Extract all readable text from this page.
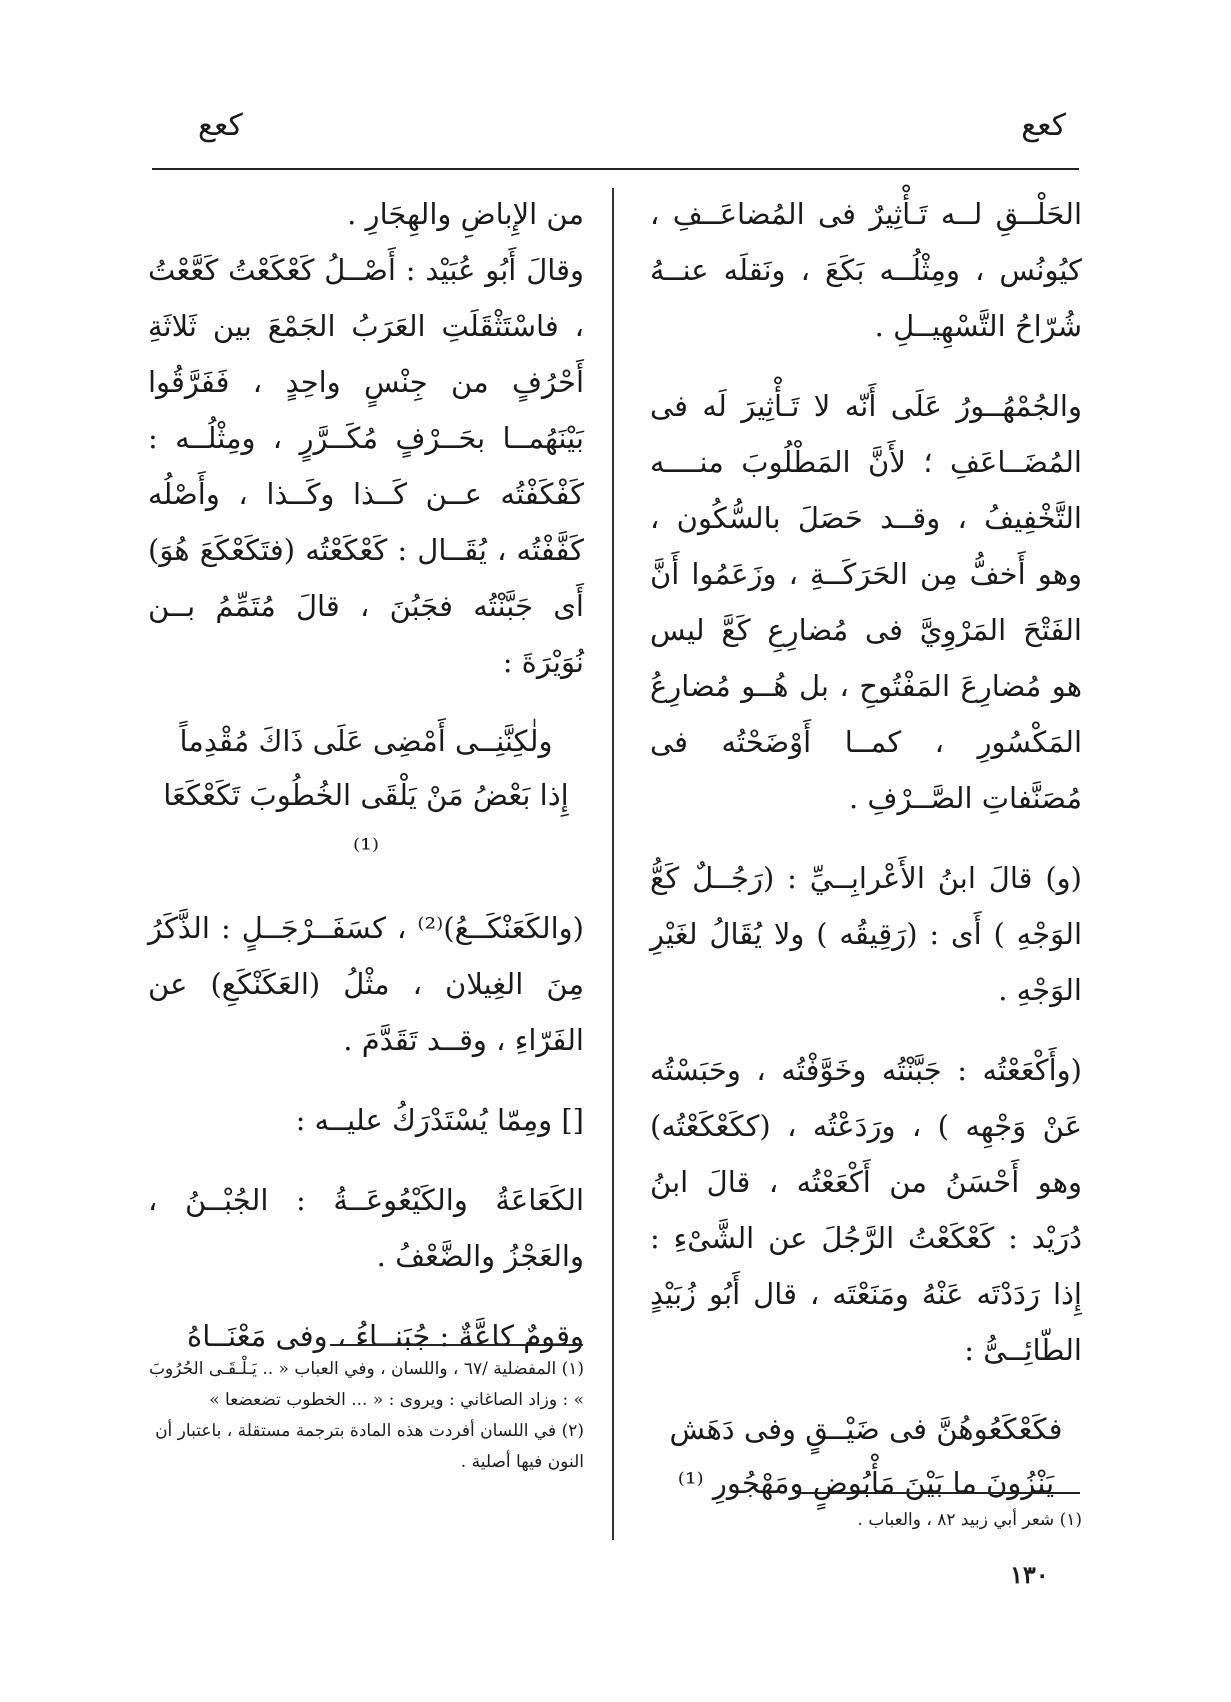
كعع
كعع

الحَلْــقِ لــه تَـأْثِيرٌ فى المُضاعَــفِ ، كيُونُس ، ومِثْلُــه بَكَعَ ، ونَقلَه عنــهُ شُرّاحُ التَّسْهِيــلِ .

والجُمْهُــورُ عَلَى أَنّه لا تَـأْثِيرَ لَه فى المُضَــاعَفِ ؛ لأَنَّ المَطْلُوبَ منــــه التَّخْفِيفُ ، وقــد حَصَلَ بالسُّكُون ، وهو أَخفُّ مِن الحَرَكَــةِ ، وزَعَمُوا أَنَّ الفَتْحَ المَرْوِيَّ فى مُضارِعِ كَعَّ ليس هو مُضارِعَ المَفْتُوحِ ، بل هُــو مُضارِعُ المَكْسُورِ ، كمــا أَوْضَحْتُه فى مُصَنَّفاتِ الصَّــرْفِ .

(و) قالَ ابنُ الأَعْرابِــيِّ : (رَجُــلٌ كَعُّ الوَجْهِ ) أَى : (رَقِيقُه ) ولا يُقَالُ لغَيْرِ الوَجْهِ .

(وأَكْعَعْتُه : جَبَّنْتُه وخَوَّفْتُه ، وحَبَسْتُه عَنْ وَجْهِه ) ، ورَدَعْتُه ، (ككَعْكَعْتُه) وهو أَحْسَنُ من أَكْعَعْتُه ، قالَ ابنُ دُرَيْد : كَعْكَعْتُ الرَّجُلَ عن الشَّىْءِ : إِذا رَدَدْتَه عَنْهُ ومَنَعْتَه ، قال أَبُو زُبَيْدٍ الطّائِــىُّ :

فكَعْكَعُوهُنَّ فى ضَيْــقٍ وفى دَهَش

يَنْزُونَ ما بَيْنَ مَأْبُوضٍ ومَهْجُورِ ⁽¹⁾

من الإِباضِ والهِجَارِ .

وقالَ أَبُو عُبَيْد : أَصْــلُ كَعْكَعْتُ كَعَّعْتُ ، فاسْتَثْقَلَتِ العَرَبُ الجَمْعَ بين ثَلاثَةِ أَحْرُفٍ من جِنْسٍ واحِدٍ ، فَفَرَّقُوا بَيْنَهُمــا بحَــرْفٍ مُكَــرَّرٍ ، ومِثْلُــه : كَفْكَفْتُه عــن كَــذا وكَــذا ، وأَصْلُه كَفَّفْتُه ، يُقَــال : كَعْكَعْتُه (فتَكَعْكَعَ هُوَ) أَى جَبَّنْتُه فجَبُنَ ، قالَ مُتَمِّمُ بــن نُوَيْرَةَ :

ولٰكِنَّنِــى أَمْضِى عَلَى ذَاكَ مُقْدِماً

إِذا بَعْضُ مَنْ يَلْقَى الخُطُوبَ تَكَعْكَعَا ⁽¹⁾

(والكَعَنْكَــعُ)⁽²⁾ ، كسَفَــرْجَــلٍ : الذَّكَرُ مِنَ الغِيلان ، مثْلُ (العَكَنْكَعِ) عن الفَرّاءِ ، وقــد تَقَدَّمَ .

[] ومِمّا يُسْتَدْرَكُ عليــه :

الكَعَاعَةُ والكَيْعُوعَــةُ : الجُبْــنُ ، والعَجْزُ والضَّعْفُ .

وقومٌ كاعَّةٌ : جُبَنــاءُ ، وفى مَعْنَــاهُ

(١) المفضلية /٦٧ ، واللسان ، وفي العباب « .. يَـلْـقَـى الحُرُوبَ » : وزاد الصاغاني : ويروى : « ... الخطوب تضعضعا »
(٢) في اللسان أفردت هذه المادة بترجمة مستقلة ، باعتبار أن النون فيها أصلية .
(١) شعر أبي زبيد ٨٢ ، والعباب .
١٣٠
